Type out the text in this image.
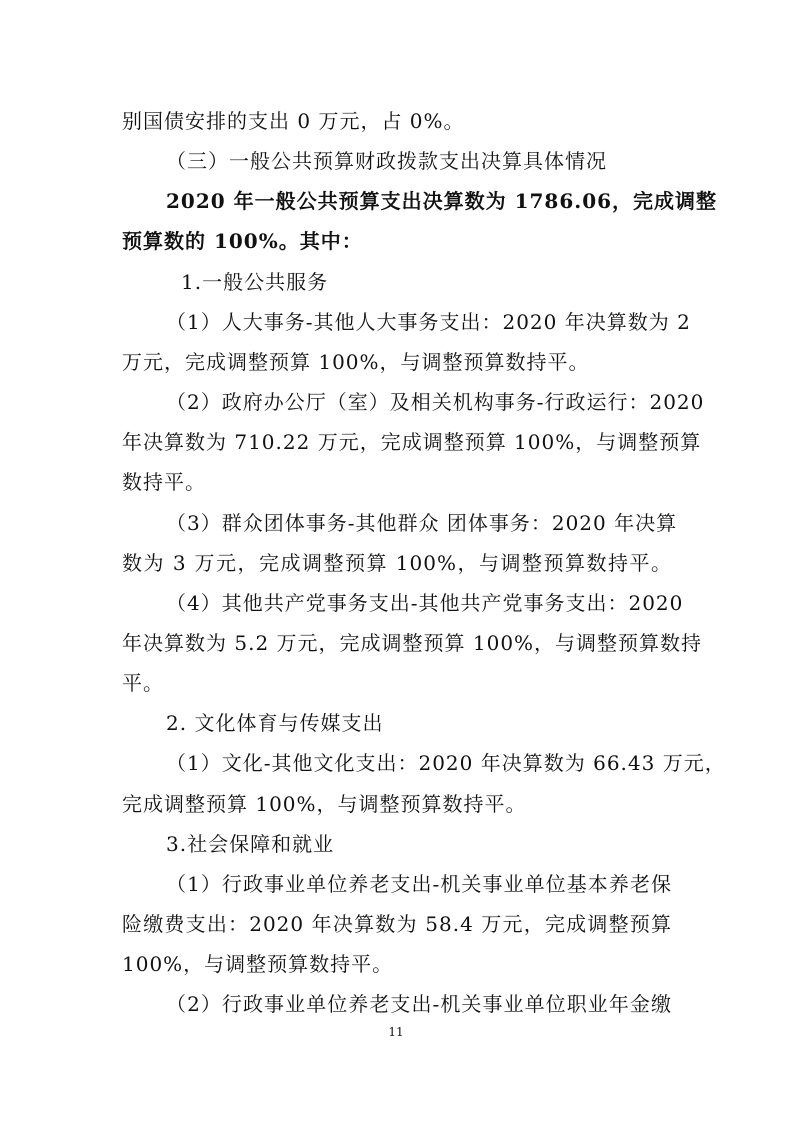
别国债安排的支出 0 万元，占 0%。
（三）一般公共预算财政拨款支出决算具体情况
2020 年一般公共预算支出决算数为 1786.06，完成调整
预算数的 100%。其中：
1.一般公共服务
（1）人大事务-其他人大事务支出：2020 年决算数为 2
万元，完成调整预算 100%，与调整预算数持平。
（2）政府办公厅（室）及相关机构事务-行政运行：2020
年决算数为 710.22 万元，完成调整预算 100%，与调整预算
数持平。
（3）群众团体事务-其他群众 团体事务：2020 年决算
数为 3 万元，完成调整预算 100%，与调整预算数持平。
（4）其他共产党事务支出-其他共产党事务支出：2020
年决算数为 5.2 万元，完成调整预算 100%，与调整预算数持
平。
2. 文化体育与传媒支出
（1）文化-其他文化支出：2020 年决算数为 66.43 万元，
完成调整预算 100%，与调整预算数持平。
3.社会保障和就业
（1）行政事业单位养老支出-机关事业单位基本养老保
险缴费支出：2020 年决算数为 58.4 万元，完成调整预算
100%，与调整预算数持平。
（2）行政事业单位养老支出-机关事业单位职业年金缴
11
